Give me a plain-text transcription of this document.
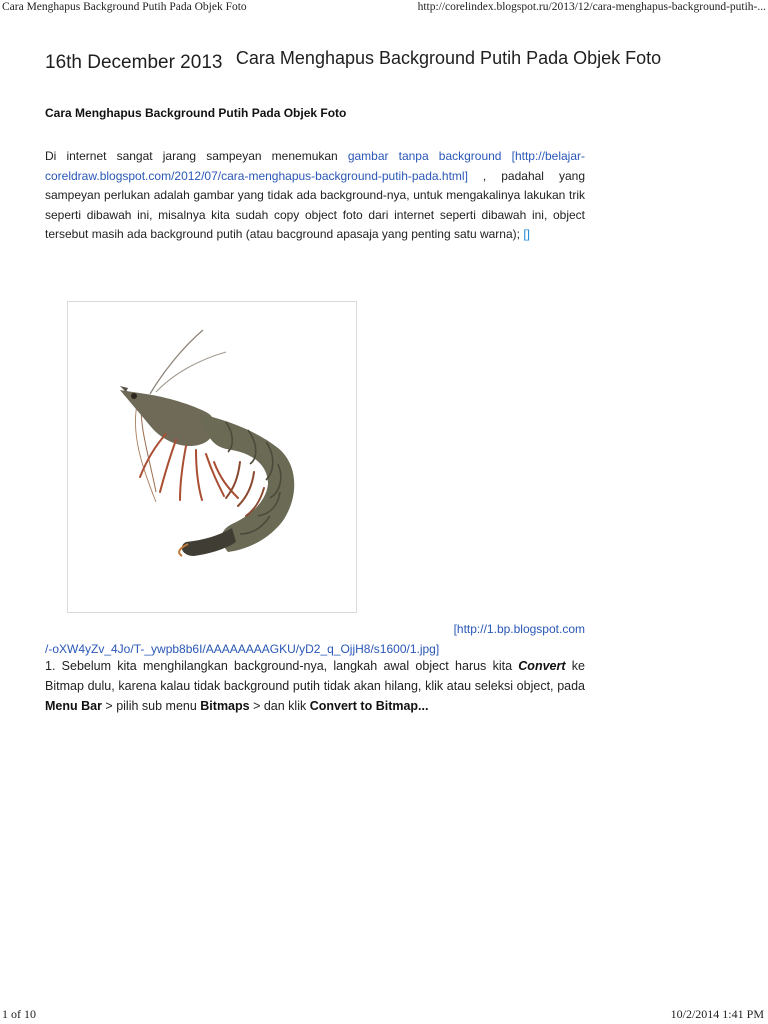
Cara Menghapus Background Putih Pada Objek Foto	http://corelindex.blogspot.ru/2013/12/cara-menghapus-background-putih-...
16th December 2013 Cara Menghapus Background Putih Pada Objek Foto
Cara Menghapus Background Putih Pada Objek Foto

Di internet sangat jarang sampeyan menemukan gambar tanpa background [http://belajar-coreldraw.blogspot.com/2012/07/cara-menghapus-background-putih-pada.html] , padahal yang sampeyan perlukan adalah gambar yang tidak ada background-nya, untuk mengakalinya lakukan trik seperti dibawah ini, misalnya kita sudah copy object foto dari internet seperti dibawah ini, object tersebut masih ada background putih (atau bacground apasaja yang penting satu warna); []

[http://1.bp.blogspot.com
/-oXW4yZv_4Jo/T-_ywpb8b6I/AAAAAAAAGKU/yD2_q_OjjH8/s1600/1.jpg]

1. Sebelum kita menghilangkan background-nya, langkah awal object harus kita Convert ke Bitmap dulu, karena kalau tidak background putih tidak akan hilang, klik atau seleksi object, pada Menu Bar > pilih sub menu Bitmaps > dan klik Convert to Bitmap...

1 of 10	10/2/2014 1:41 PM
